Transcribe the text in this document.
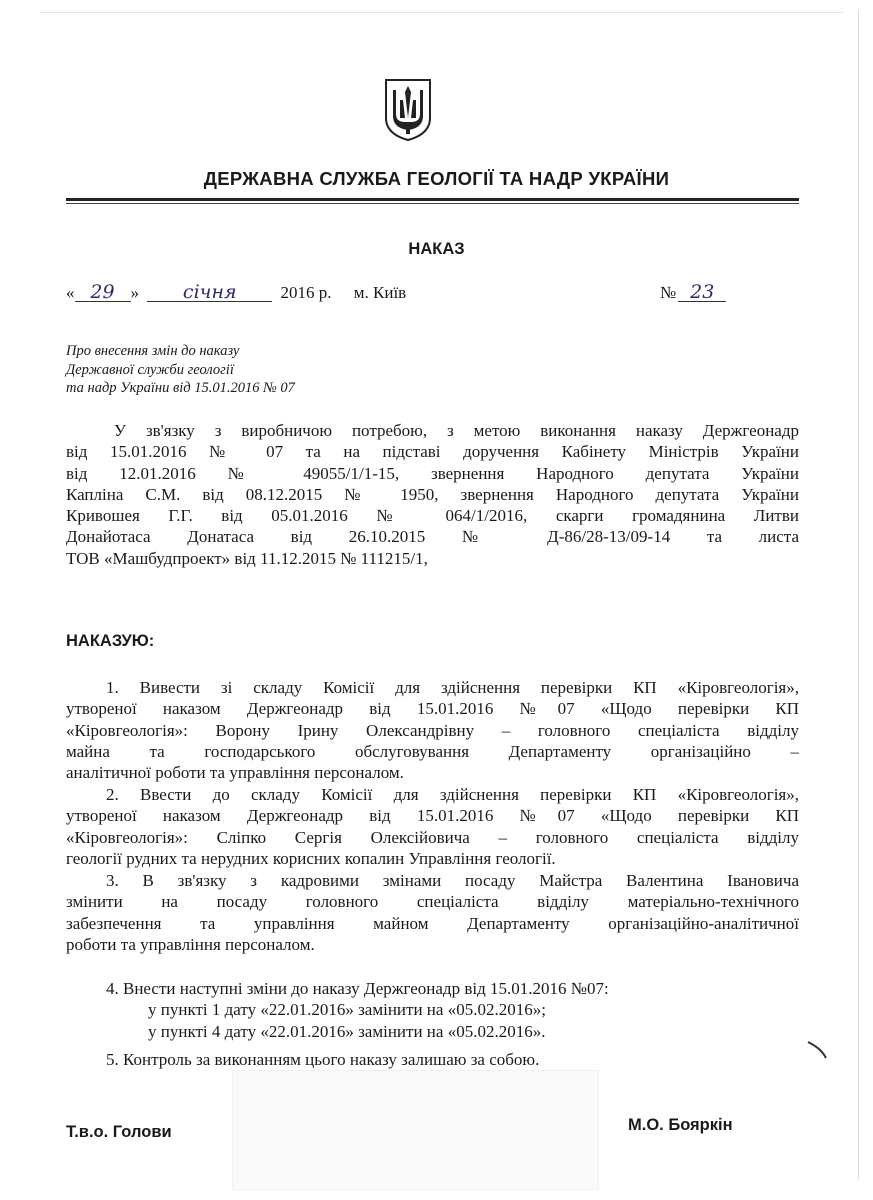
ДЕРЖАВНА СЛУЖБА ГЕОЛОГІЇ ТА НАДР УКРАЇНИ
НАКАЗ
« 29 » січня	2016 р. м. Київ	№ 23
Про внесення змін до наказу
Державної служби геології
та надр України від 15.01.2016 № 07
У зв'язку з виробничою потребою, з метою виконання наказу Держгеонадр
від 15.01.2016 № 07 та на підставі доручення Кабінету Міністрів України
від 12.01.2016 № 49055/1/1-15, звернення Народного депутата України
Капліна С.М. від 08.12.2015 № 1950, звернення Народного депутата України
Кривошея Г.Г. від 05.01.2016 № 064/1/2016, скарги громадянина Литви
Донайотаса Донатаса від 26.10.2015 № Д-86/28-13/09-14 та листа
ТОВ «Машбудпроект» від 11.12.2015 № 111215/1,
НАКАЗУЮ:
1. Вивести зі складу Комісії для здійснення перевірки КП «Кіровгеологія»,
утвореної наказом Держгеонадр від 15.01.2016 №07 «Щодо перевірки КП
«Кіровгеологія»: Ворону Ірину Олександрівну – головного спеціаліста відділу
майна та господарського обслуговування Департаменту організаційно –
аналітичної роботи та управління персоналом.
2. Ввести до складу Комісії для здійснення перевірки КП «Кіровгеологія»,
утвореної наказом Держгеонадр від 15.01.2016 №07 «Щодо перевірки КП
«Кіровгеологія»: Сліпко Сергія Олексійовича – головного спеціаліста відділу
геології рудних та нерудних корисних копалин Управління геології.
3. В зв'язку з кадровими змінами посаду Майстра Валентина Івановича
змінити на посаду головного спеціаліста відділу матеріально-технічного
забезпечення та управління майном Департаменту організаційно-аналітичної
роботи та управління персоналом.
4. Внести наступні зміни до наказу Держгеонадр від 15.01.2016 №07:
у пункті 1 дату «22.01.2016» замінити на «05.02.2016»;
у пункті 4 дату «22.01.2016» замінити на «05.02.2016».
5. Контроль за виконанням цього наказу залишаю за собою.
Т.в.о. Голови	М.О. Бояркін
